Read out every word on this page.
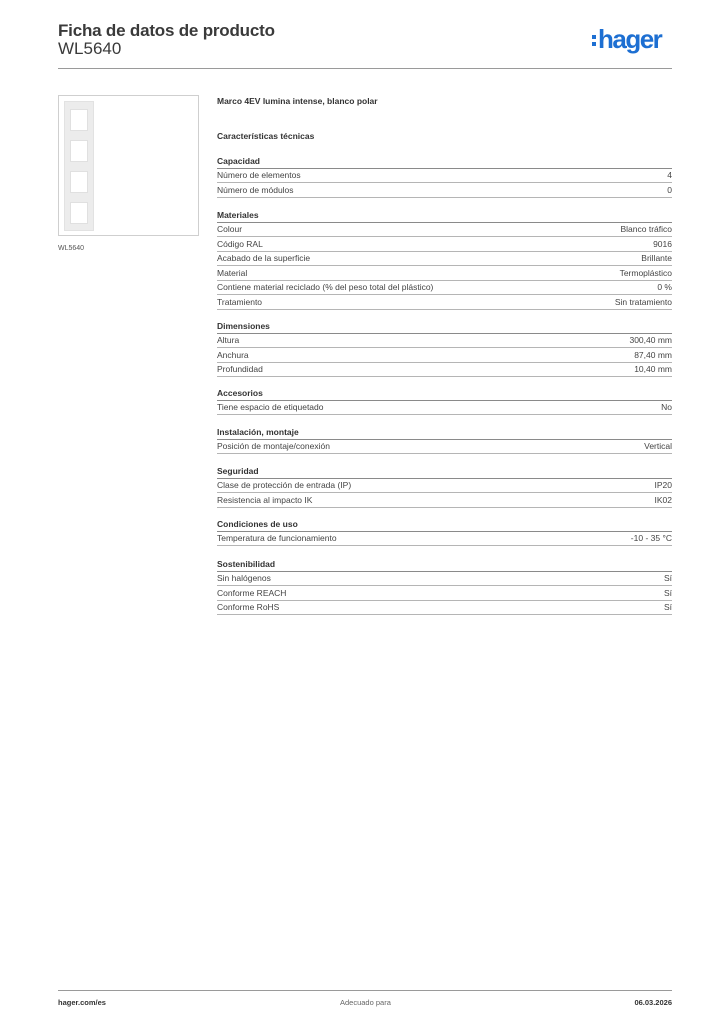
Ficha de datos de producto
WL5640	hager
WL5640
Marco 4EV lumina intense, blanco polar
Características técnicas
Capacidad
Número de elementos	4
Número de módulos	0
Materiales
Colour	Blanco tráfico
Código RAL	9016
Acabado de la superficie	Brillante
Material	Termoplástico
Contiene material reciclado (% del peso total del plástico)	0 %
Tratamiento	Sin tratamiento
Dimensiones
Altura	300,40 mm
Anchura	87,40 mm
Profundidad	10,40 mm
Accesorios
Tiene espacio de etiquetado	No
Instalación, montaje
Posición de montaje/conexión	Vertical
Seguridad
Clase de protección de entrada (IP)	IP20
Resistencia al impacto IK	IK02
Condiciones de uso
Temperatura de funcionamiento	-10 - 35 °C
Sostenibilidad
Sin halógenos	Sí
Conforme REACH	Sí
Conforme RoHS	Sí
hager.com/es	Adecuado para	06.03.2026
